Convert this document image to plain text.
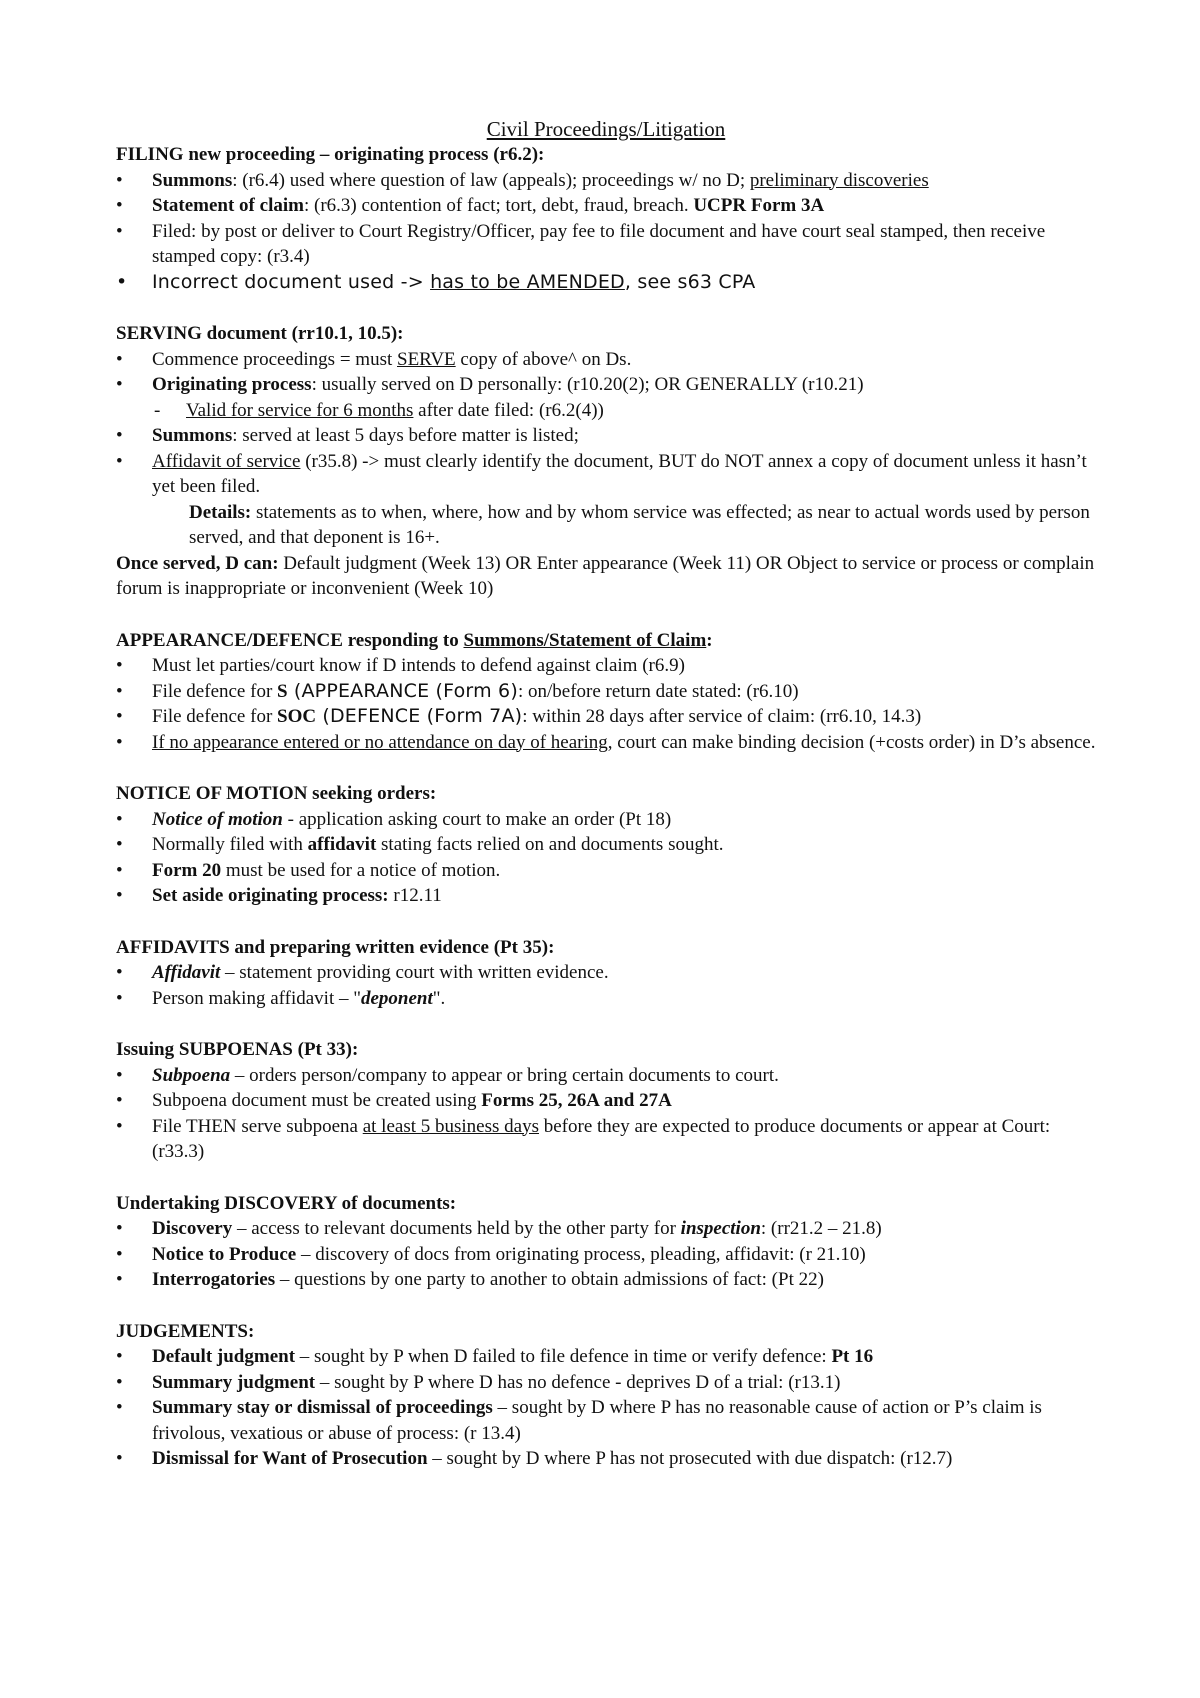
Civil Proceedings/Litigation

FILING new proceeding – originating process (r6.2):

•	Summons: (r6.4) used where question of law (appeals); proceedings w/ no D; preliminary discoveries
•	Statement of claim: (r6.3) contention of fact; tort, debt, fraud, breach. UCPR Form 3A
•	Filed: by post or deliver to Court Registry/Officer, pay fee to file document and have court seal stamped, then receive stamped copy: (r3.4)
•	Incorrect document used -> has to be AMENDED, see s63 CPA

SERVING document (rr10.1, 10.5):

•	Commence proceedings = must SERVE copy of above^ on Ds.
•	Originating process: usually served on D personally: (r10.20(2); OR GENERALLY (r10.21)
-	Valid for service for 6 months after date filed: (r6.2(4))
•	Summons: served at least 5 days before matter is listed;
•	Affidavit of service (r35.8) -> must clearly identify the document, BUT do NOT annex a copy of document unless it hasn’t yet been filed.
Details: statements as to when, where, how and by whom service was effected; as near to actual words used by person served, and that deponent is 16+.

Once served, D can: Default judgment (Week 13) OR Enter appearance (Week 11) OR Object to service or process or complain forum is inappropriate or inconvenient (Week 10)

APPEARANCE/DEFENCE responding to Summons/Statement of Claim:

•	Must let parties/court know if D intends to defend against claim (r6.9)
•	File defence for S (APPEARANCE (Form 6): on/before return date stated: (r6.10)
•	File defence for SOC (DEFENCE (Form 7A): within 28 days after service of claim: (rr6.10, 14.3)
•	If no appearance entered or no attendance on day of hearing, court can make binding decision (+costs order) in D’s absence.

NOTICE OF MOTION seeking orders:

•	Notice of motion - application asking court to make an order (Pt 18)
•	Normally filed with affidavit stating facts relied on and documents sought.
•	Form 20 must be used for a notice of motion.
•	Set aside originating process: r12.11

AFFIDAVITS and preparing written evidence (Pt 35):

•	Affidavit – statement providing court with written evidence.
•	Person making affidavit – "deponent".

Issuing SUBPOENAS (Pt 33):

•	Subpoena – orders person/company to appear or bring certain documents to court.
•	Subpoena document must be created using Forms 25, 26A and 27A
•	File THEN serve subpoena at least 5 business days before they are expected to produce documents or appear at Court: (r33.3)

Undertaking DISCOVERY of documents:

•	Discovery – access to relevant documents held by the other party for inspection: (rr21.2 – 21.8)
•	Notice to Produce – discovery of docs from originating process, pleading, affidavit: (r 21.10)
•	Interrogatories – questions by one party to another to obtain admissions of fact: (Pt 22)

JUDGEMENTS:

•	Default judgment – sought by P when D failed to file defence in time or verify defence: Pt 16
•	Summary judgment – sought by P where D has no defence - deprives D of a trial: (r13.1)
•	Summary stay or dismissal of proceedings – sought by D where P has no reasonable cause of action or P’s claim is frivolous, vexatious or abuse of process: (r 13.4)
•	Dismissal for Want of Prosecution – sought by D where P has not prosecuted with due dispatch: (r12.7)
